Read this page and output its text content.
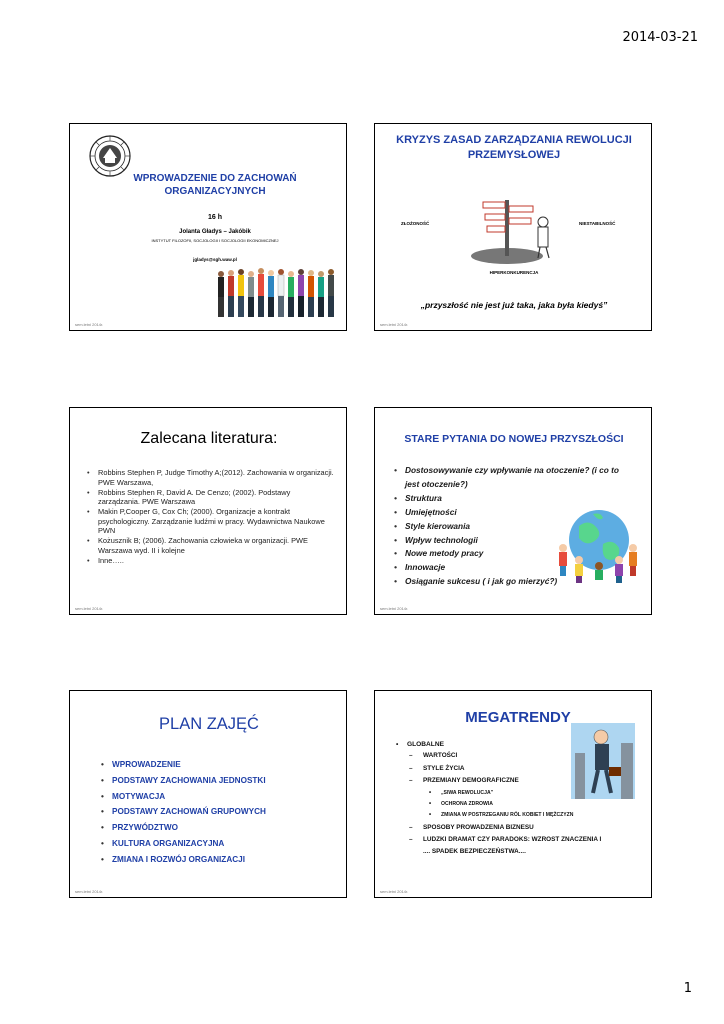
2014-03-21
WPROWADZENIE DO ZACHOWAŃ ORGANIZACYJNYCH
16 h
Jolanta Gładys – Jakóbik
INSTYTUT FILOZOFII, SOCJOLOGII I SOCJOLOGII EKONOMICZNEJ
jgladys@sgh.waw.pl
sem.letni 2014r.
KRYZYS ZASAD ZARZĄDZANIA REWOLUCJI PRZEMYSŁOWEJ
ZŁOŻONOŚĆ	NIESTABILNOŚĆ
HIPERKONKURENCJA
„przyszłość nie jest już taka, jaka była kiedyś”
sem.letni 2014r.
Zalecana literatura:
• Robbins Stephen P, Judge Timothy A;(2012). Zachowania w organizacji. PWE Warszawa,
• Robbins Stephen R, David A. De Cenzo; (2002). Podstawy zarządzania. PWE Warszawa
• Makin P,Cooper G, Cox Ch; (2000). Organizacje a kontrakt psychologiczny. Zarządzanie ludźmi w pracy. Wydawnictwa Naukowe PWN
• Kożusznik B; (2006). Zachowania człowieka w organizacji. PWE Warszawa wyd. II i kolejne
• Inne…..
sem.letni 2014r.
STARE PYTANIA DO NOWEJ PRZYSZŁOŚCI
• Dostosowywanie czy wpływanie na otoczenie? (i co to jest otoczenie?)
• Struktura
• Umiejętności
• Style kierowania
• Wpływ technologii
• Nowe metody pracy
• Innowacje
• Osiąganie sukcesu ( i jak go mierzyć?)
sem.letni 2014r.
PLAN ZAJĘĆ
• WPROWADZENIE
• PODSTAWY ZACHOWANIA JEDNOSTKI
• MOTYWACJA
• PODSTAWY ZACHOWAŃ GRUPOWYCH
• PRZYWÓDZTWO
• KULTURA ORGANIZACYJNA
• ZMIANA I ROZWÓJ ORGANIZACJI
sem.letni 2014r.
MEGATRENDY
• GLOBALNE
– WARTOŚCI
– STYLE ŻYCIA
– PRZEMIANY DEMOGRAFICZNE
• „SIWA REWOLUCJA”
• OCHRONA ZDROWIA
• ZMIANA W POSTRZEGANIU RÓL KOBIET I MĘŻCZYZN
– SPOSOBY PROWADZENIA BIZNESU
– LUDZKI DRAMAT CZY PARADOKS: WZROST ZNACZENIA I
.... SPADEK BEZPIECZEŃSTWA....
sem.letni 2014r.
1
